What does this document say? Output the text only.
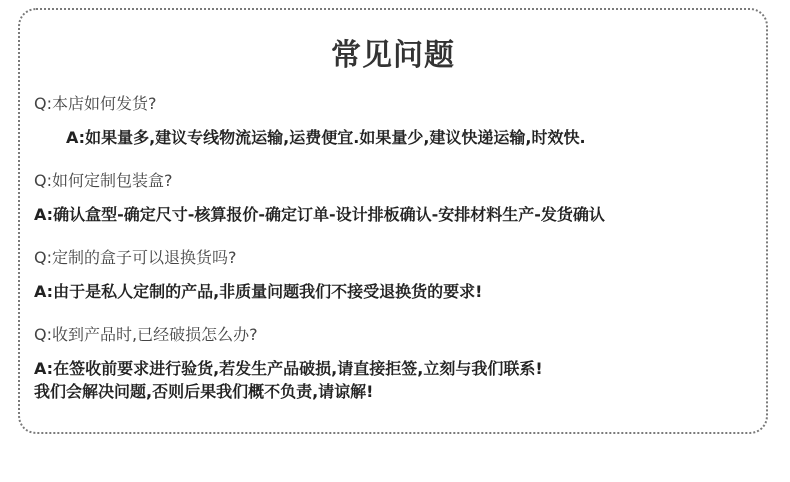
常见问题
Q:本店如何发货?
A:如果量多,建议专线物流运输,运费便宜.如果量少,建议快递运输,时效快.
Q:如何定制包装盒?
A:确认盒型-确定尺寸-核算报价-确定订单-设计排板确认-安排材料生产-发货确认
Q:定制的盒子可以退换货吗?
A:由于是私人定制的产品,非质量问题我们不接受退换货的要求!
Q:收到产品时,已经破损怎么办?
A:在签收前要求进行验货,若发生产品破损,请直接拒签,立刻与我们联系!
我们会解决问题,否则后果我们概不负责,请谅解!
